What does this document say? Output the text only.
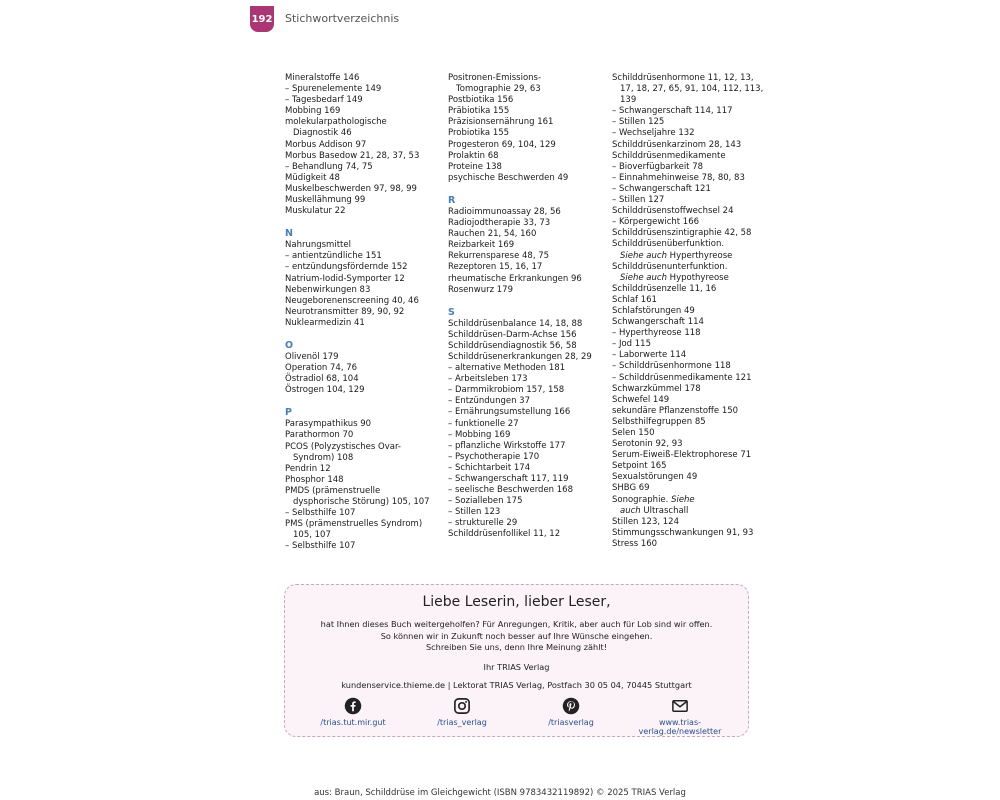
192 Stichwortverzeichnis
Mineralstoffe 146
– Spurenelemente 149
– Tagesbedarf 149
Mobbing 169
molekularpathologische
Diagnostik 46
Morbus Addison 97
Morbus Basedow 21, 28, 37, 53
– Behandlung 74, 75
Müdigkeit 48
Muskelbeschwerden 97, 98, 99
Muskellähmung 99
Muskulatur 22
N
Nahrungsmittel
– antientzündliche 151
– entzündungsfördernde 152
Natrium-Iodid-Symporter 12
Nebenwirkungen 83
Neugeborenenscreening 40, 46
Neurotransmitter 89, 90, 92
Nuklearmedizin 41
O
Olivenöl 179
Operation 74, 76
Östradiol 68, 104
Östrogen 104, 129
P
Parasympathikus 90
Parathormon 70
PCOS (Polyzystisches Ovar-
Syndrom) 108
Pendrin 12
Phosphor 148
PMDS (prämenstruelle
dysphorische Störung) 105, 107
– Selbsthilfe 107
PMS (prämenstruelles Syndrom)
105, 107
– Selbsthilfe 107
Positronen-Emissions-
Tomographie 29, 63
Postbiotika 156
Präbiotika 155
Präzisionsernährung 161
Probiotika 155
Progesteron 69, 104, 129
Prolaktin 68
Proteine 138
psychische Beschwerden 49
R
Radioimmunoassay 28, 56
Radiojodtherapie 33, 73
Rauchen 21, 54, 160
Reizbarkeit 169
Rekurrensparese 48, 75
Rezeptoren 15, 16, 17
rheumatische Erkrankungen 96
Rosenwurz 179
S
Schilddrüsenbalance 14, 18, 88
Schilddrüsen-Darm-Achse 156
Schilddrüsendiagnostik 56, 58
Schilddrüsenerkrankungen 28, 29
– alternative Methoden 181
– Arbeitsleben 173
– Darmmikrobiom 157, 158
– Entzündungen 37
– Ernährungsumstellung 166
– funktionelle 27
– Mobbing 169
– pflanzliche Wirkstoffe 177
– Psychotherapie 170
– Schichtarbeit 174
– Schwangerschaft 117, 119
– seelische Beschwerden 168
– Sozialleben 175
– Stillen 123
– strukturelle 29
Schilddrüsenfollikel 11, 12
Schilddrüsenhormone 11, 12, 13,
17, 18, 27, 65, 91, 104, 112, 113,
139
– Schwangerschaft 114, 117
– Stillen 125
– Wechseljahre 132
Schilddrüsenkarzinom 28, 143
Schilddrüsenmedikamente
– Bioverfügbarkeit 78
– Einnahmehinweise 78, 80, 83
– Schwangerschaft 121
– Stillen 127
Schilddrüsenstoffwechsel 24
– Körpergewicht 166
Schilddrüsenszintigraphie 42, 58
Schilddrüsenüberfunktion.
Siehe auch Hyperthyreose
Schilddrüsenunterfunktion.
Siehe auch Hypothyreose
Schilddrüsenzelle 11, 16
Schlaf 161
Schlafstörungen 49
Schwangerschaft 114
– Hyperthyreose 118
– Jod 115
– Laborwerte 114
– Schilddrüsenhormone 118
– Schilddrüsenmedikamente 121
Schwarzkümmel 178
Schwefel 149
sekundäre Pflanzenstoffe 150
Selbsthilfegruppen 85
Selen 150
Serotonin 92, 93
Serum-Eiweiß-Elektrophorese 71
Setpoint 165
Sexualstörungen 49
SHBG 69
Sonographie. Siehe
auch Ultraschall
Stillen 123, 124
Stimmungsschwankungen 91, 93
Stress 160
Liebe Leserin, lieber Leser,
hat Ihnen dieses Buch weitergeholfen? Für Anregungen, Kritik, aber auch für Lob sind wir offen.
So können wir in Zukunft noch besser auf Ihre Wünsche eingehen.
Schreiben Sie uns, denn Ihre Meinung zählt!
Ihr TRIAS Verlag
kundenservice.thieme.de | Lektorat TRIAS Verlag, Postfach 30 05 04, 70445 Stuttgart
/trias.tut.mir.gut	/trias_verlag	/triasverlag	www.trias-verlag.de/newsletter
aus: Braun, Schilddrüse im Gleichgewicht (ISBN 9783432119892) © 2025 TRIAS Verlag
